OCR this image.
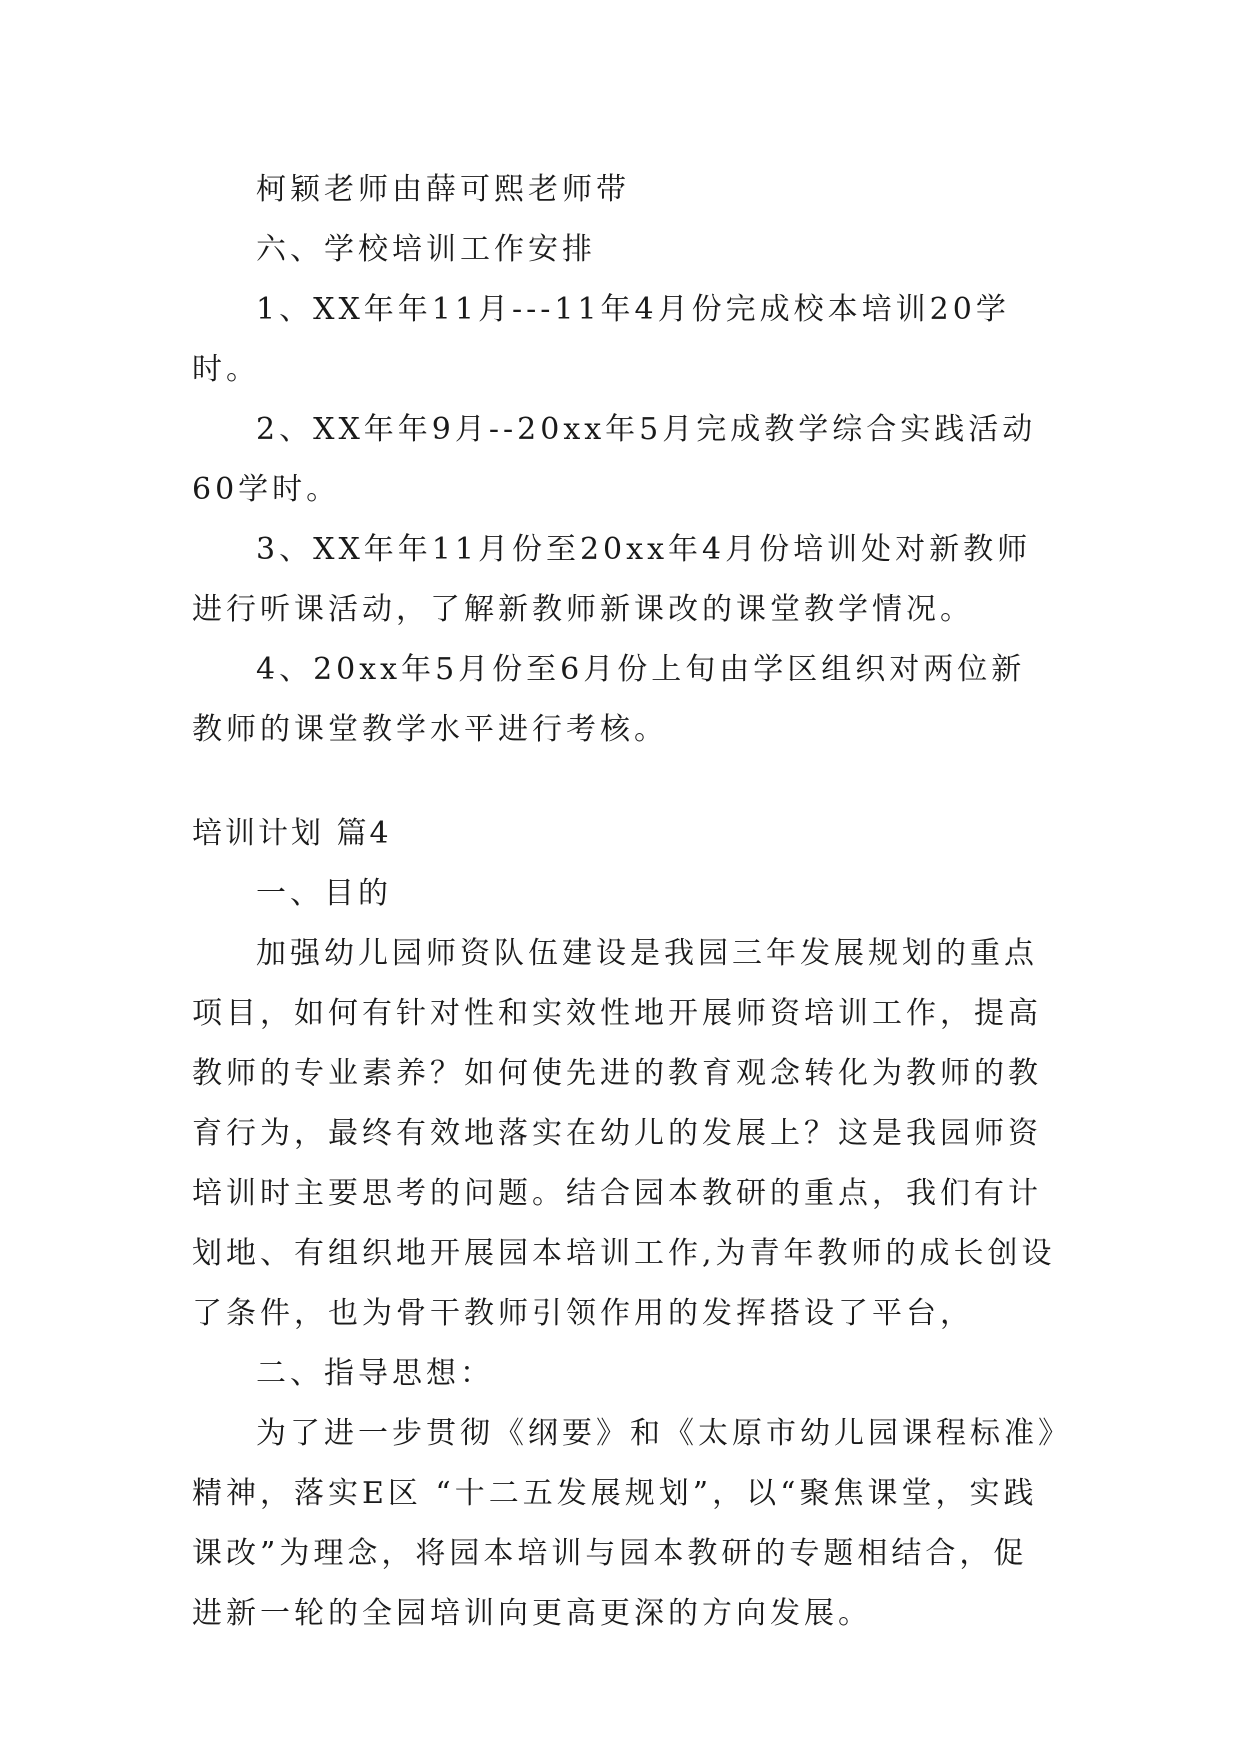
柯颖老师由薛可熙老师带

六、学校培训工作安排

1、XX年年11月---11年4月份完成校本培训20学时。

2、XX年年9月--20xx年5月完成教学综合实践活动60学时。

3、XX年年11月份至20xx年4月份培训处对新教师进行听课活动，了解新教师新课改的课堂教学情况。

4、20xx年5月份至6月份上旬由学区组织对两位新教师的课堂教学水平进行考核。

培训计划 篇4

一、目的

加强幼儿园师资队伍建设是我园三年发展规划的重点项目，如何有针对性和实效性地开展师资培训工作，提高教师的专业素养？如何使先进的教育观念转化为教师的教育行为，最终有效地落实在幼儿的发展上？这是我园师资培训时主要思考的问题。结合园本教研的重点，我们有计划地、有组织地开展园本培训工作,为青年教师的成长创设了条件，也为骨干教师引领作用的发挥搭设了平台，

二、指导思想：

为了进一步贯彻《纲要》和《太原市幼儿园课程标准》精神，落实E区 “十二五发展规划”，以“聚焦课堂，实践课改”为理念，将园本培训与园本教研的专题相结合，促进新一轮的全园培训向更高更深的方向发展。
